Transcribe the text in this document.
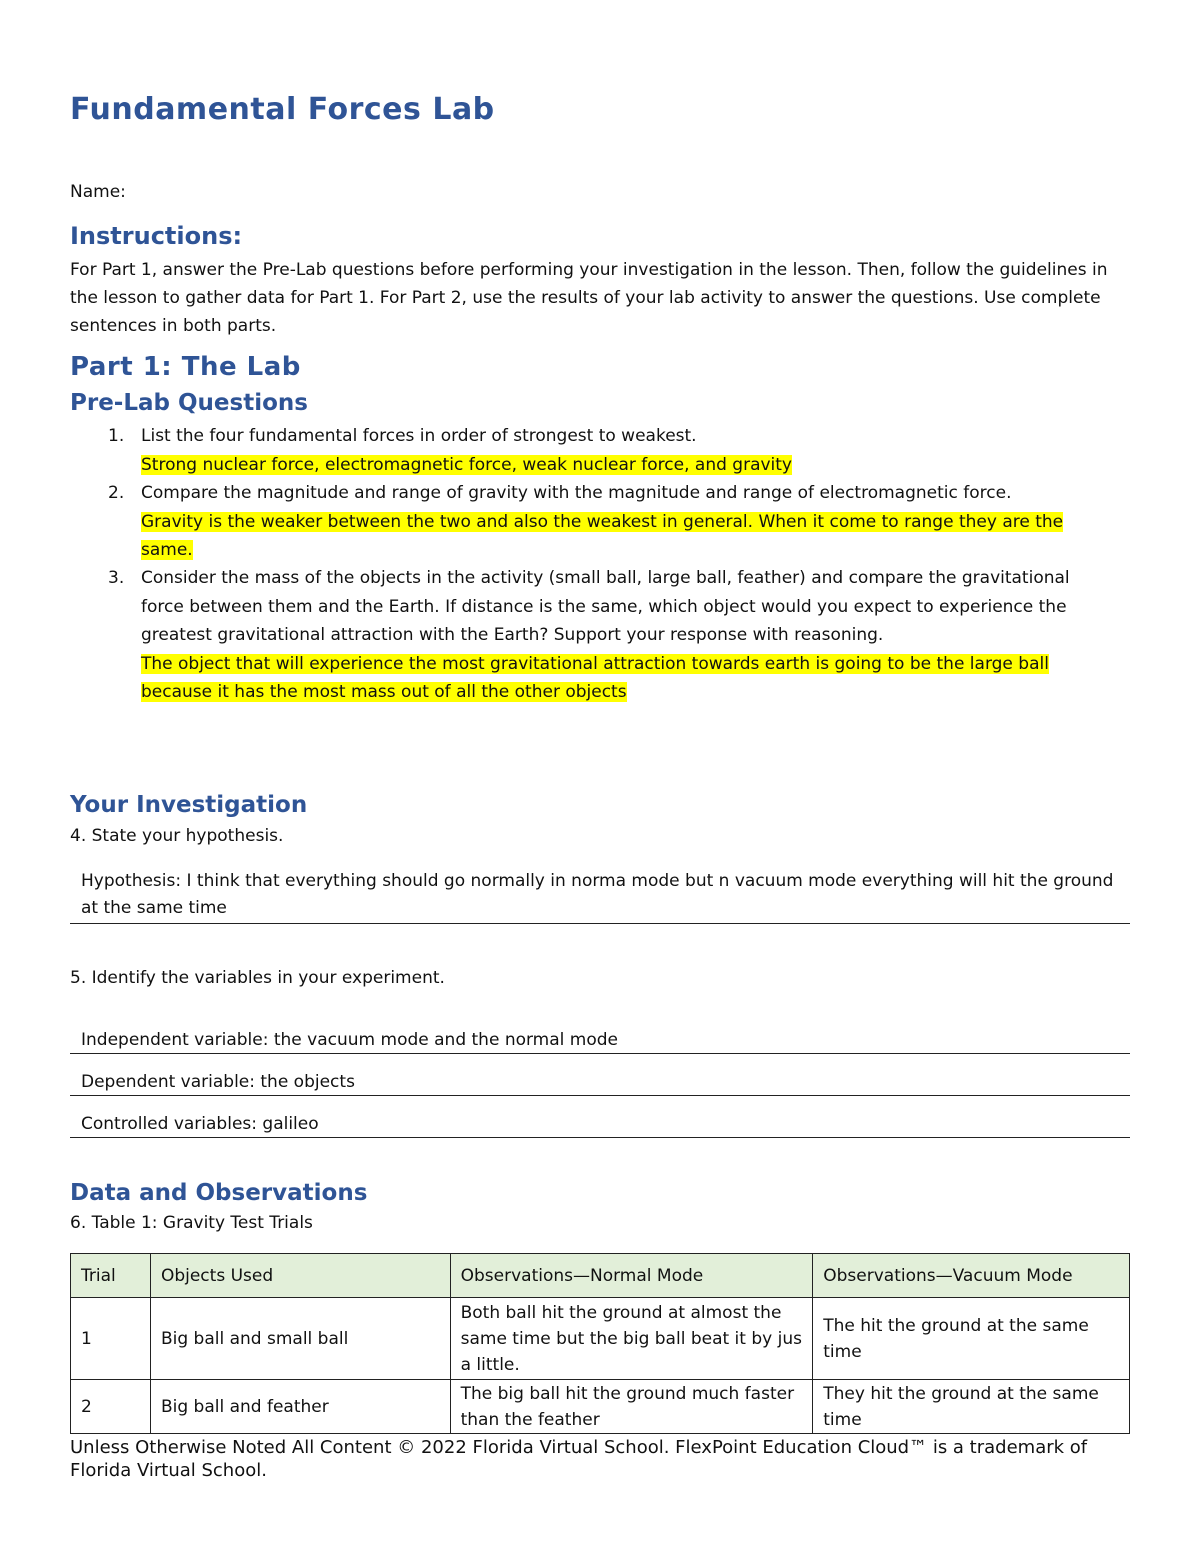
Fundamental Forces Lab
Name:
Instructions:

For Part 1, answer the Pre-Lab questions before performing your investigation in the lesson. Then, follow the guidelines in the lesson to gather data for Part 1. For Part 2, use the results of your lab activity to answer the questions. Use complete sentences in both parts.

Part 1: The Lab
Pre-Lab Questions
1. List the four fundamental forces in order of strongest to weakest.
Strong nuclear force, electromagnetic force, weak nuclear force, and gravity
2. Compare the magnitude and range of gravity with the magnitude and range of electromagnetic force.
Gravity is the weaker between the two and also the weakest in general. When it come to range they are the same.
3. Consider the mass of the objects in the activity (small ball, large ball, feather) and compare the gravitational force between them and the Earth. If distance is the same, which object would you expect to experience the greatest gravitational attraction with the Earth? Support your response with reasoning.
The object that will experience the most gravitational attraction towards earth is going to be the large ball because it has the most mass out of all the other objects
Your Investigation
4. State your hypothesis.
Hypothesis: I think that everything should go normally in norma mode but n vacuum mode everything will hit the ground at the same time
5. Identify the variables in your experiment.
Independent variable: the vacuum mode and the normal mode
Dependent variable: the objects
Controlled variables: galileo
Data and Observations
6. Table 1: Gravity Test Trials
Trial	Objects Used	Observations—Normal Mode	Observations—Vacuum Mode
1	Big ball and small ball	Both ball hit the ground at almost the same time but the big ball beat it by jus a little.	The hit the ground at the same time
2	Big ball and feather	The big ball hit the ground much faster than the feather	They hit the ground at the same time
Unless Otherwise Noted All Content © 2022 Florida Virtual School. FlexPoint Education Cloud™ is a trademark of Florida Virtual School.
